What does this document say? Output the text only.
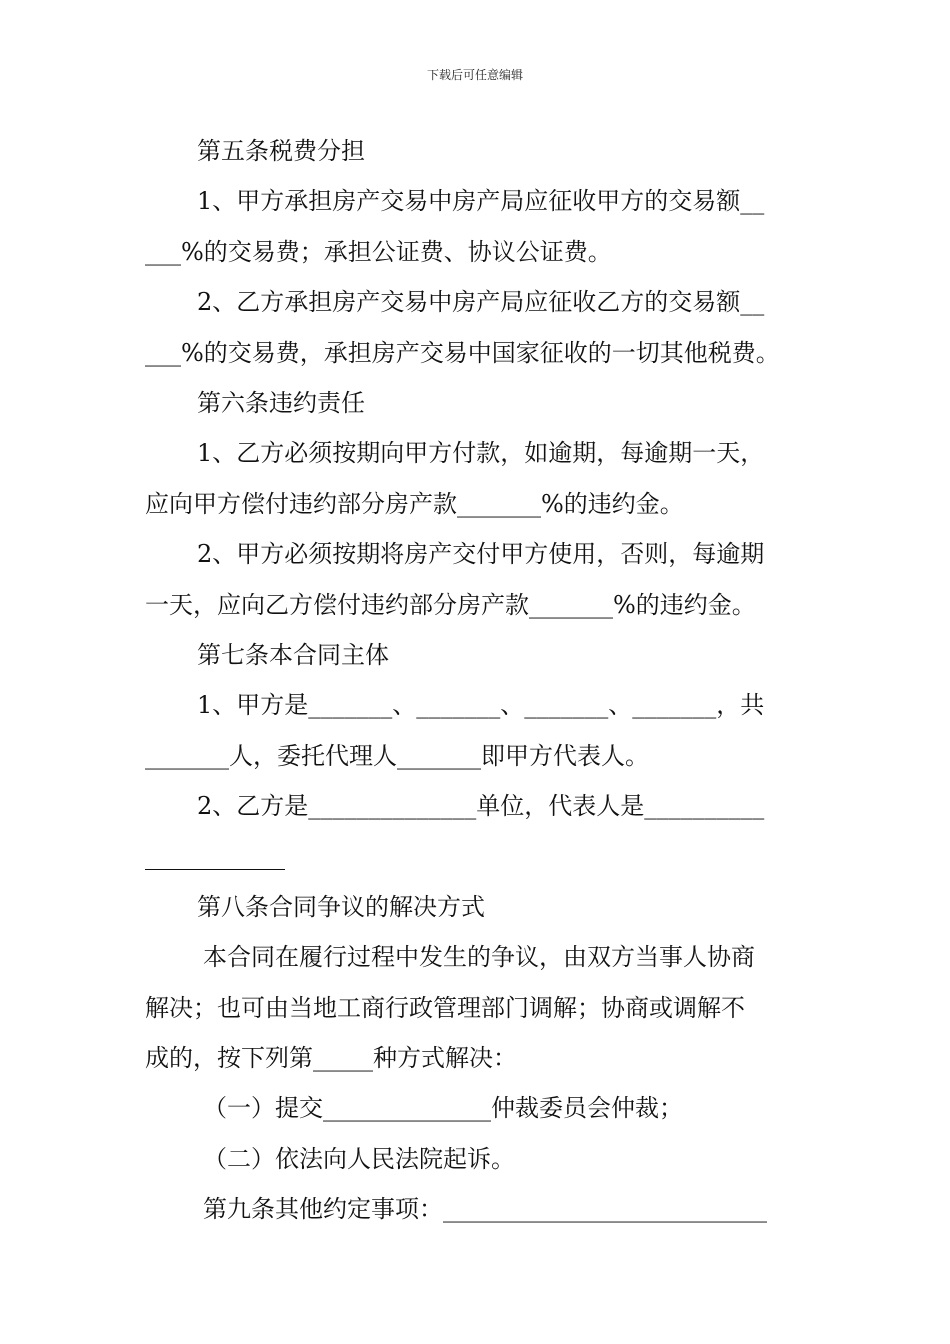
下载后可任意编辑
第五条税费分担
1、甲方承担房产交易中房产局应征收甲方的交易额__
___%的交易费；承担公证费、协议公证费。
2、乙方承担房产交易中房产局应征收乙方的交易额__
___%的交易费，承担房产交易中国家征收的一切其他税费。
第六条违约责任
1、乙方必须按期向甲方付款，如逾期，每逾期一天，
应向甲方偿付违约部分房产款_______%的违约金。
2、甲方必须按期将房产交付甲方使用，否则，每逾期
一天，应向乙方偿付违约部分房产款_______%的违约金。
第七条本合同主体
1、甲方是_______、_______、_______、_______，共
_______人，委托代理人_______即甲方代表人。
2、乙方是______________单位，代表人是__________
第八条合同争议的解决方式
本合同在履行过程中发生的争议，由双方当事人协商
解决；也可由当地工商行政管理部门调解；协商或调解不
成的，按下列第_____种方式解决：
（一）提交______________仲裁委员会仲裁；
（二）依法向人民法院起诉。
第九条其他约定事项：___________________________
